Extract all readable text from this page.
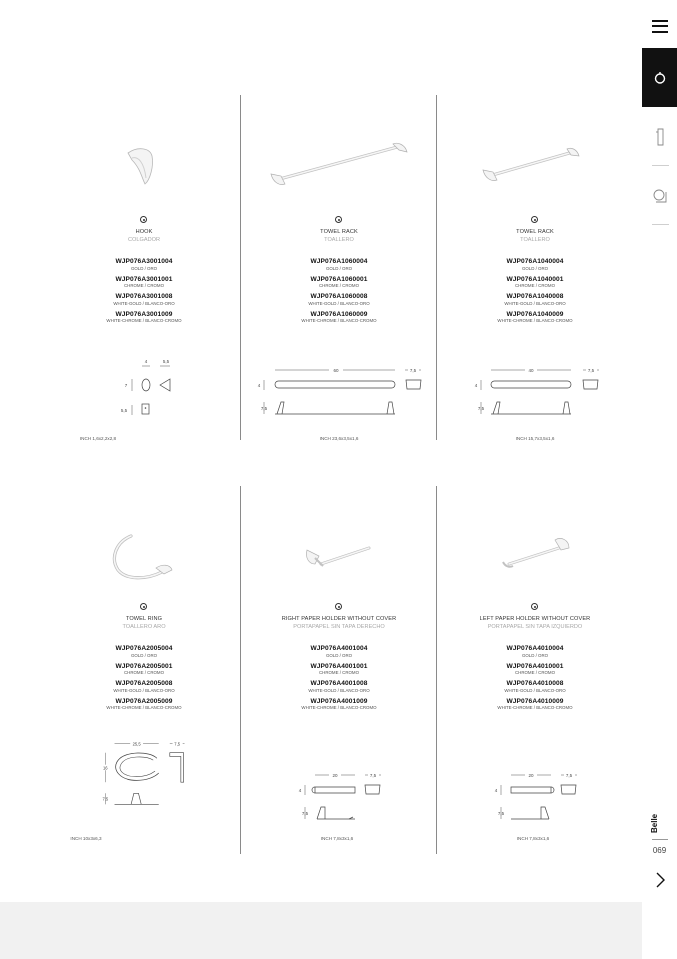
HOOK
COLGADOR
WJP076A3001004
GOLD / ORO
WJP076A3001001
CHROME / CROMO
WJP076A3001008
WHITE-GOLD / BLANCO-ORO
WJP076A3001009
WHITE-CHROME / BLANCO-CROMO
4	5,5
7
5,5
INCH 1,6x2,2x2,8
TOWEL RACK
TOALLERO
WJP076A1060004
GOLD / ORO
WJP076A1060001
CHROME / CROMO
WJP076A1060008
WHITE-GOLD / BLANCO-ORO
WJP076A1060009
WHITE-CHROME / BLANCO-CROMO
60	7,5
4
7,5
INCH 23,6x3,5x1,6
TOWEL RACK
TOALLERO
WJP076A1040004
GOLD / ORO
WJP076A1040001
CHROME / CROMO
WJP076A1040008
WHITE-GOLD / BLANCO-ORO
WJP076A1040009
WHITE-CHROME / BLANCO-CROMO
40	7,5
4
7,5
INCH 15,7x3,5x1,6
TOWEL RING
TOALLERO ARO
WJP076A2005004
GOLD / ORO
WJP076A2005001
CHROME / CROMO
WJP076A2005008
WHITE-GOLD / BLANCO-ORO
WJP076A2005009
WHITE-CHROME / BLANCO-CROMO
25,5	7,5
16
7,5
INCH 10x3x6,3
RIGHT PAPER HOLDER WITHOUT COVER
PORTAPAPEL SIN TAPA DERECHO
WJP076A4001004
GOLD / ORO
WJP076A4001001
CHROME / CROMO
WJP076A4001008
WHITE-GOLD / BLANCO-ORO
WJP076A4001009
WHITE-CHROME / BLANCO-CROMO
20	7,5
4
7,5
INCH 7,8x3x1,6
LEFT PAPER HOLDER WITHOUT COVER
PORTAPAPEL SIN TAPA IZQUIERDO
WJP076A4010004
GOLD / ORO
WJP076A4010001
CHROME / CROMO
WJP076A4010008
WHITE-GOLD / BLANCO-ORO
WJP076A4010009
WHITE-CHROME / BLANCO-CROMO
20	7,5
4
7,5
INCH 7,8x3x1,6
Belle
069
